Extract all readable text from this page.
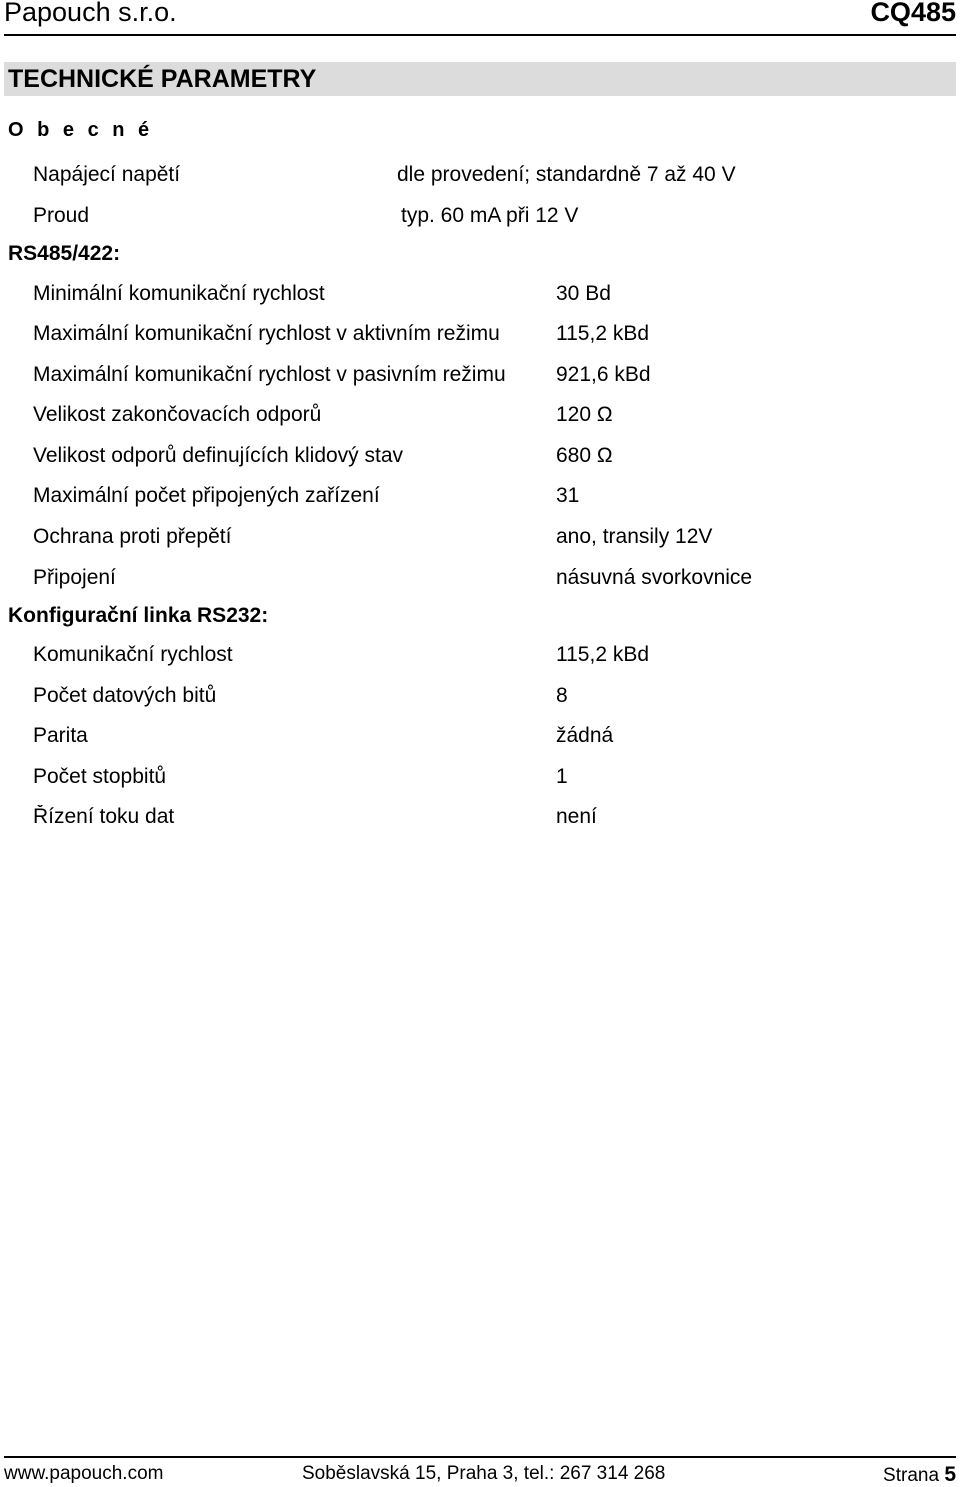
Papouch s.r.o.	CQ485
TECHNICKÉ PARAMETRY
O b e c n é
Napájecí napětí .....	dle provedení; standardně 7 až 40 V
Proud .....	typ. 60 mA při 12 V
RS485/422:
Minimální komunikační rychlost .....	30 Bd
Maximální komunikační rychlost v aktivním režimu .....	115,2 kBd
Maximální komunikační rychlost v pasivním režimu .....921,6 kBd
Velikost zakončovacích odporů .....	120 Ω
Velikost odporů definujících klidový stav .....	680 Ω
Maximální počet připojených zařízení .....	31
Ochrana proti přepětí .....	ano, transily 12V
Připojení .....	násuvná svorkovnice
Konfigurační linka RS232:
Komunikační rychlost .....	115,2 kBd
Počet datových bitů .....	8
Parita .....	žádná
Počet stopbitů .....	1
Řízení toku dat .....	není
www.papouch.com	Soběslavská 15, Praha 3, tel.: 267 314 268	Strana 5
